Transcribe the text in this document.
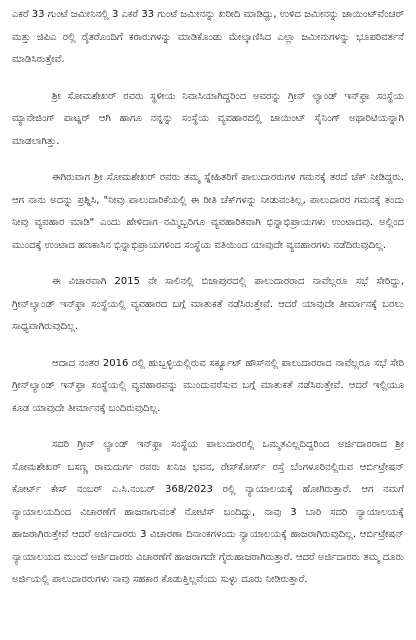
ಎಕರೆ 33 ಗುಂಟೆ ಜಮೀನಿನಲ್ಲಿ 3 ಎಕರೆ 33 ಗುಂಟೆ ಜಮೀನನ್ನು ಖರೀದಿ ಮಾಡಿದ್ದು, ಉಳಿದ ಜಮೀನನ್ನು ಜಾಯಿಂಟ್‌ವೆಂಚರ್ ಮತ್ತು ಜಿಪಿಎ ರಲ್ಲಿ ರೈತರೊಂದಿಗೆ ಕರಾರುಗಳನ್ನು ಮಾಡಿಕೊಂಡು ಮೇಲ್ಕಾಣಿಸಿದ ಎಲ್ಲಾ ಜಮೀನುಗಳನ್ನು ಭೂಪರಿವರ್ತನೆ ಮಾಡಿಸಿರುತ್ತೇವೆ.

ಶ್ರೀ ಸೋಮಶೇಖರ್ ರವರು ಸ್ಥಳೀಯ ನಿವಾಸಿಯಾಗಿದ್ದರಿಂದ ಅವರನ್ನು ಗ್ರೀನ್ ಲ್ಯಾಂಡ್ ಇನ್‌ಫ್ರಾ ಸಂಸ್ಥೆಯ ಮ್ಯಾನೇಜಿಂಗ್ ಪಾಟ್ನರ್ ಆಗಿ ಹಾಗೂ ನನ್ನನ್ನು ಸಂಸ್ಥೆಯ ವ್ಯವಹಾರದಲ್ಲಿ ಜಾಯಿಂಟ್ ಸೈನಿಂಗ್ ಅಥಾರಿಟಿಯನ್ನಾಗಿ ಮಾಡಲಾಗಿತ್ತು.

ಈಗಿರುವಾಗ ಶ್ರೀ ಸೋಮಶೇಖರ್ ರವರು ತಮ್ಮ ಸ್ನೇಹಿತರಿಗೆ ಪಾಲುದಾರರುಗಳ ಗಮನಕ್ಕೆ ತರದೆ ಚೆಕ್ ನೀಡಿದ್ದರು. ಆಗ ನಾನು ಅದನ್ನು ಪ್ರಶ್ನಿಸಿ, "ನೀವು ಪಾಲುದಾರಿಕೆಯಲ್ಲಿ ಈ ರೀತಿ ಚೆಕ್‌ಗಳನ್ನು ನೀಡುವಂತಿಲ್ಲ, ಪಾಲುದಾರರ ಗಮನಕ್ಕೆ ತಂದು ನೀವು ವ್ಯವಹಾರ ಮಾಡಿ" ಎಂದು ಹೇಳಿದಾಗ ನಮ್ಮಿಬ್ಬರಿಗೂ ವ್ಯವಹಾರಿಕವಾಗಿ ಭಿನ್ನಾಭಿಪ್ರಾಯಗಳು ಉಂಟಾದವು. ಅಲ್ಲಿಂದ ಮುಂದಕ್ಕೆ ಉಂಟಾದ ಹಣಕಾಸಿನ ಭಿನ್ನಾಭಿಪ್ರಾಯಗಳಿಂದ ಸಂಸ್ಥೆಯ ವತಿಯಿಂದ ಯಾವುದೇ ವ್ಯವಹಾರಗಳು ನಡೆದಿರುವುದಿಲ್ಲ.

ಈ ವಿಚಾರವಾಗಿ 2015 ನೇ ಸಾಲಿನಲ್ಲಿ ಬಿಜಾಪುರದಲ್ಲಿ ಪಾಲುದಾರರಾದ ನಾವೆಲ್ಲರೂ ಸಭೆ ಸೇರಿದ್ದು, ಗ್ರೀನ್‌ಲ್ಯಾಂಡ್ ಇನ್‌ಫ್ರಾ ಸಂಸ್ಥೆಯಲ್ಲಿ ವ್ಯವಹಾರದ ಬಗ್ಗೆ ಮಾತುಕತೆ ನಡೆಸಿರುತ್ತೇವೆ. ಆದರೆ ಯಾವುದೇ ತೀರ್ಮಾನಕ್ಕೆ ಬರಲು ಸಾಧ್ಯವಾಗಿರುವುದಿಲ್ಲ.

ಆದಾದ ನಂತರ 2016 ರಲ್ಲಿ ಹುಬ್ಬಳ್ಳಿಯಲ್ಲಿರುವ ಸರ್ಕ್ಯೂಟ್ ಹೌಸ್‌ನಲ್ಲಿ ಪಾಲುದಾರರಾದ ನಾವೆಲ್ಲರೂ ಸಭೆ ಸೇರಿ ಗ್ರೀನ್‌ಲ್ಯಾಂಡ್ ಇನ್‌ಫ್ರಾ ಸಂಸ್ಥೆಯಲ್ಲಿ ವ್ಯವಹಾರವನ್ನು ಮುಂದುವರೆಸುವ ಬಗ್ಗೆ ಮಾತುಕತೆ ನಡೆಸಿರುತ್ತೇವೆ. ಆದರೆ ಇಲ್ಲಿಯೂ ಕೂಡ ಯಾವುದೇ ತೀರ್ಮಾನಕ್ಕೆ ಬಂದಿರುವುದಿಲ್ಲ.

ಸದರಿ ಗ್ರೀನ್ ಲ್ಯಾಂಡ್ ಇನ್‌ಫ್ರಾ ಸಂಸ್ಥೆಯ ಪಾಲುದಾರರಲ್ಲಿ ಒಮ್ಮತವಿಲ್ಲದಿದ್ದರಿಂದ ಅರ್ಜಿದಾರರಾದ ಶ್ರೀ ಸೋಮಶೇಖರ್ ಬಸಣ್ಣ ರಾಮದುರ್ಗ ರವರು ಖನಿಜ ಭವನ, ರೇಸ್‌ಕೋರ್ಸ್ ರಸ್ತೆ ಬೆಂಗಳೂರಿನಲ್ಲಿರುವ ಆರ್ಬಿಟ್ರೇಷನ್ ಕೋರ್ಟ್ ಕೇಸ್ ನಂಬರ್ ಎ.ಸಿ.ನಂಬರ್ 368/2023 ರಲ್ಲಿ ನ್ಯಾಯಾಲಯಕ್ಕೆ ಹೋಗಿರುತ್ತಾರೆ. ಆಗ ನಮಗೆ ನ್ಯಾಯಾಲಯದಿಂದ ವಿಚಾರಣೆಗೆ ಹಾಜರಾಗುವಂತೆ ನೋಟಿಸ್ ಬಂದಿದ್ದು, ನಾವು 3 ಬಾರಿ ಸದರಿ ನ್ಯಾಯಾಲಯಕ್ಕೆ ಹಾಜರಾಗಿರುತ್ತೇವೆ ಆದರೆ ಅರ್ಜಿದಾರರು 3 ವಿಚಾರಣಾ ದಿನಾಂಕಗಳಂದು ನ್ಯಾಯಾಲಯಕ್ಕೆ ಹಾಜರಾಗಿರುವುದಿಲ್ಲ. ಆರ್ಬಿಟ್ರೇಷನ್ ನ್ಯಾಯಾಲಯದ ಮುಂದೆ ಅರ್ಜಿದಾರರು ವಿಚಾರಣೆಗೆ ಹಾಜರಾಗದೇ ಗೈರುಹಾಜರಾಗಿರುತ್ತಾರೆ. ಆದರೆ ಅರ್ಜಿದಾರರು ತಮ್ಮ ದೂರು ಅರ್ಜಿಯಲ್ಲಿ ಪಾಲುದಾರರುಗಳು ನಾವು ಸಹಕಾರ ಕೊಡುತ್ತಿಲ್ಲವೆಂದು ಸುಳ್ಳು ದೂರು ನೀಡಿರುತ್ತಾರೆ.
